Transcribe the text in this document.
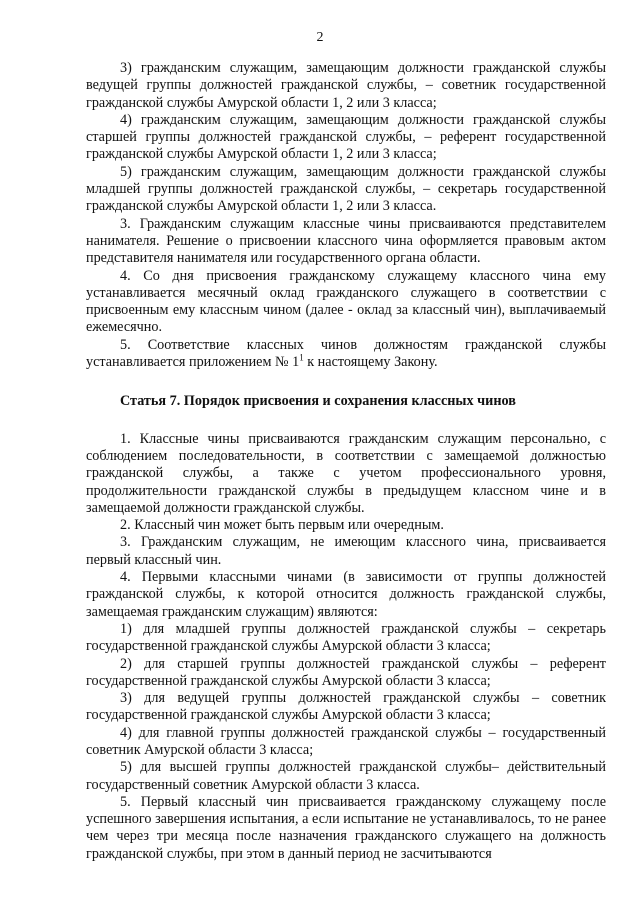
2

3) гражданским служащим, замещающим должности гражданской службы ведущей группы должностей гражданской службы, – советник государственной гражданской службы Амурской области 1, 2 или 3 класса;

4) гражданским служащим, замещающим должности гражданской службы старшей группы должностей гражданской службы, – референт государственной гражданской службы Амурской области 1, 2 или 3 класса;

5) гражданским служащим, замещающим должности гражданской службы младшей группы должностей гражданской службы, – секретарь государственной гражданской службы Амурской области 1, 2 или 3 класса.

3. Гражданским служащим классные чины присваиваются представителем нанимателя. Решение о присвоении классного чина оформляется правовым актом представителя нанимателя или государственного органа области.

4. Со дня присвоения гражданскому служащему классного чина ему устанавливается месячный оклад гражданского служащего в соответствии с присвоенным ему классным чином (далее - оклад за классный чин), выплачиваемый ежемесячно.

5. Соответствие классных чинов должностям гражданской службы устанавливается приложением № $1^1$ к настоящему Закону.

Статья 7. Порядок присвоения и сохранения классных чинов

1. Классные чины присваиваются гражданским служащим персонально, с соблюдением последовательности, в соответствии с замещаемой должностью гражданской службы, а также с учетом профессионального уровня, продолжительности гражданской службы в предыдущем классном чине и в замещаемой должности гражданской службы.

2. Классный чин может быть первым или очередным.

3. Гражданским служащим, не имеющим классного чина, присваивается первый классный чин.

4. Первыми классными чинами (в зависимости от группы должностей гражданской службы, к которой относится должность гражданской службы, замещаемая гражданским служащим) являются:

1) для младшей группы должностей гражданской службы – секретарь государственной гражданской службы Амурской области 3 класса;

2) для старшей группы должностей гражданской службы – референт государственной гражданской службы Амурской области 3 класса;

3) для ведущей группы должностей гражданской службы – советник государственной гражданской службы Амурской области 3 класса;

4) для главной группы должностей гражданской службы – государственный советник Амурской области 3 класса;

5) для высшей группы должностей гражданской службы– действительный государственный советник Амурской области 3 класса.

5. Первый классный чин присваивается гражданскому служащему после успешного завершения испытания, а если испытание не устанавливалось, то не ранее чем через три месяца после назначения гражданского служащего на должность гражданской службы, при этом в данный период не засчитываются
